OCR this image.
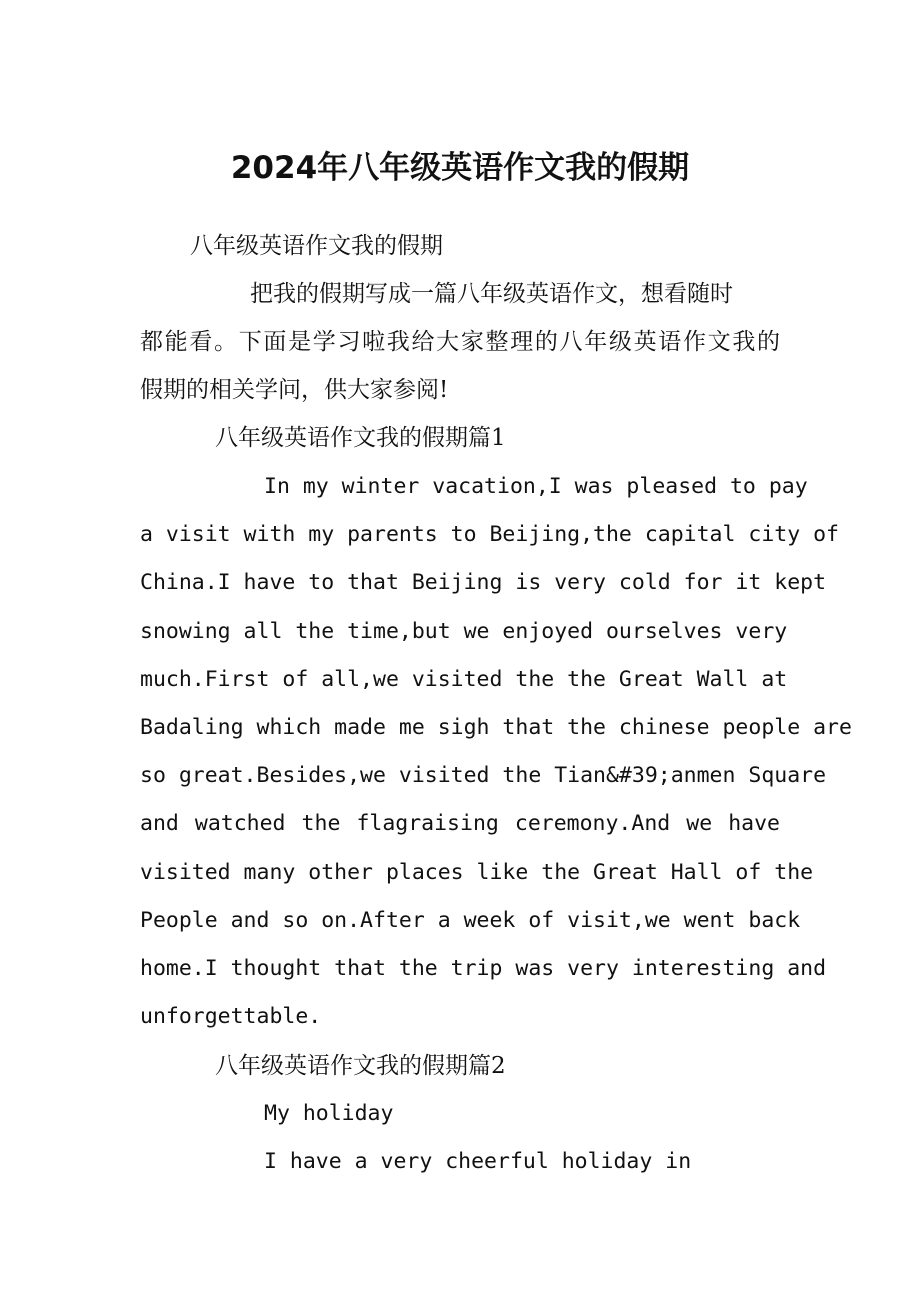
2024年八年级英语作文我的假期
八年级英语作文我的假期
把我的假期写成一篇八年级英语作文，想看随时
都能看。下面是学习啦我给大家整理的八年级英语作文我的
假期的相关学问，供大家参阅!
八年级英语作文我的假期篇1
In my winter vacation,I was pleased to pay
a visit with my parents to Beijing,the capital city of
China.I have to that Beijing is very cold for it kept
snowing all the time,but we enjoyed ourselves very
much.First of all,we visited the the Great Wall at
Badaling which made me sigh that the chinese people are
so great.Besides,we visited the Tian&#39;anmen Square
and watched the flagraising ceremony.And we have
visited many other places like the Great Hall of the
People and so on.After a week of visit,we went back
home.I thought that the trip was very interesting and
unforgettable.
八年级英语作文我的假期篇2
My holiday
I have a very cheerful holiday in
